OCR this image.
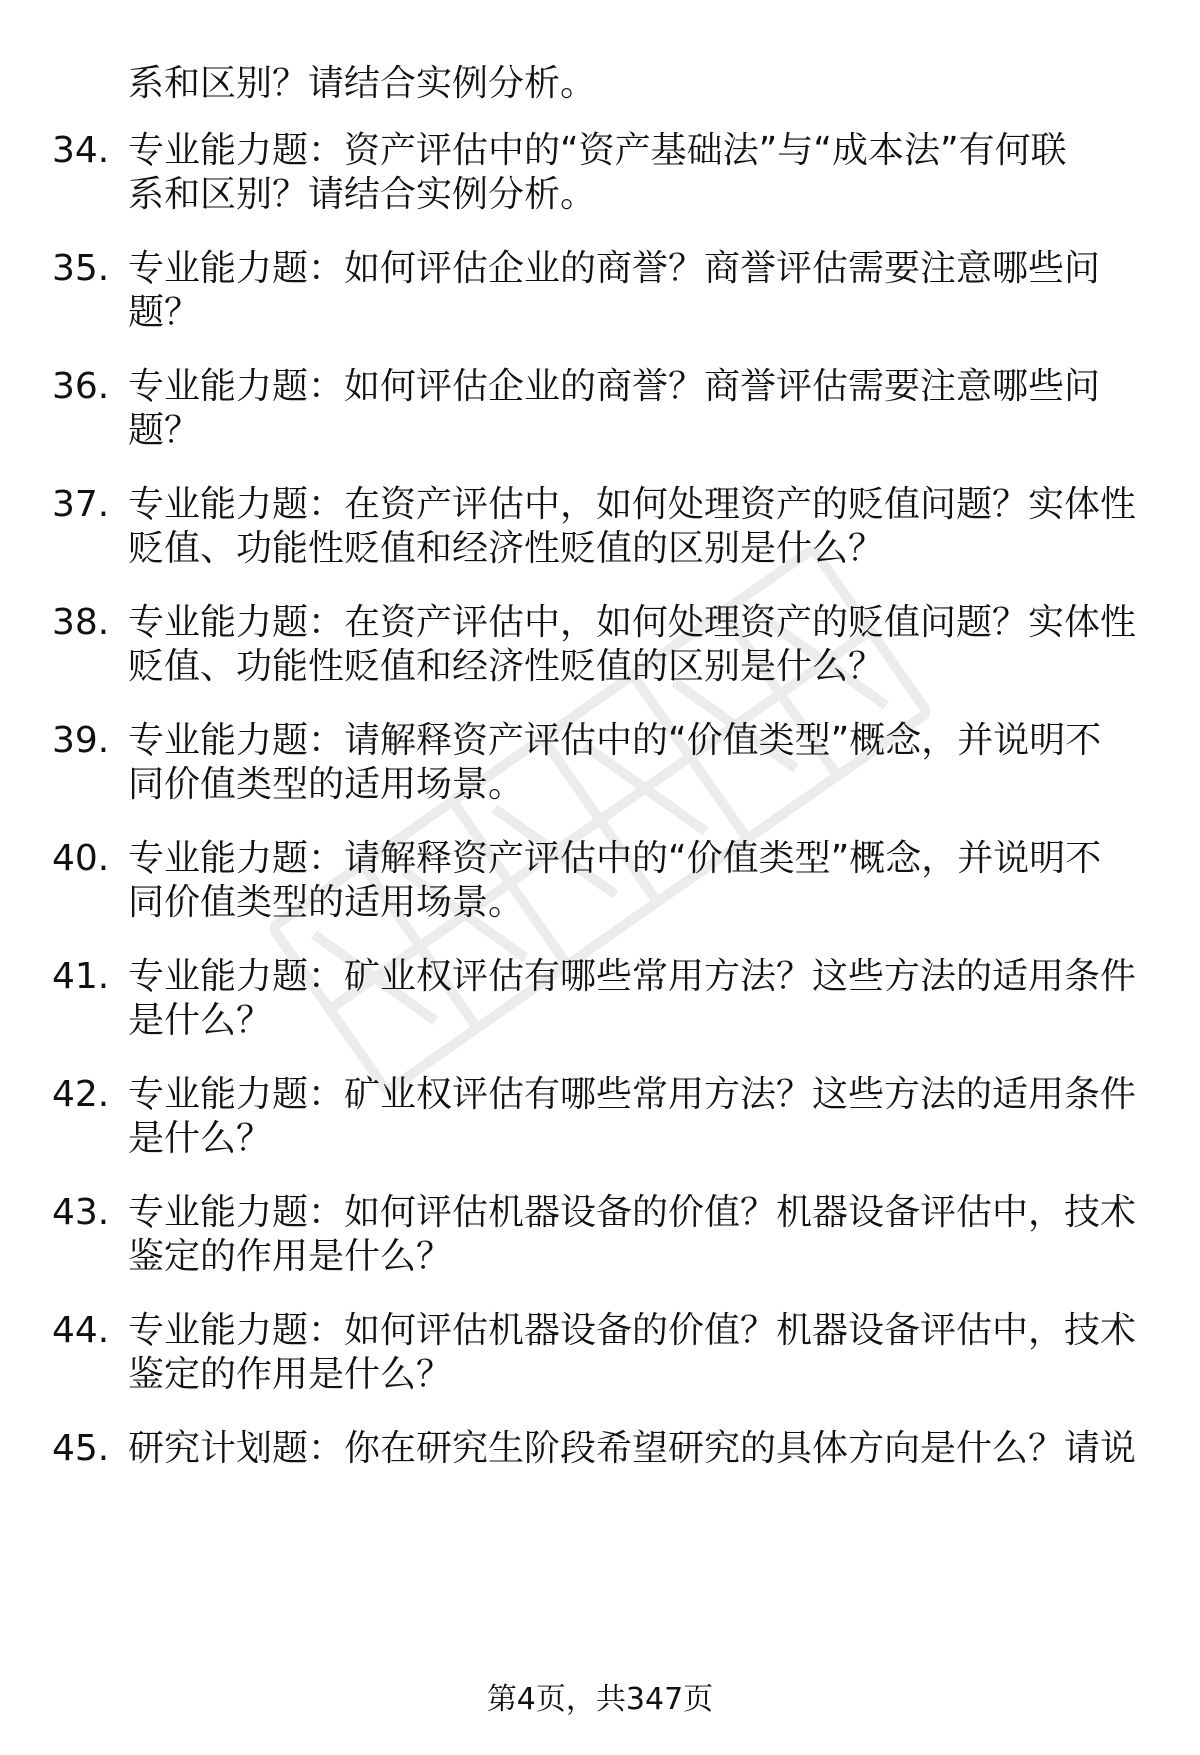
系和区别？请结合实例分析。
34. 专业能力题：资产评估中的“资产基础法”与“成本法”有何联
系和区别？请结合实例分析。
35. 专业能力题：如何评估企业的商誉？商誉评估需要注意哪些问
题？
36. 专业能力题：如何评估企业的商誉？商誉评估需要注意哪些问
题？
37. 专业能力题：在资产评估中，如何处理资产的贬值问题？实体性
贬值、功能性贬值和经济性贬值的区别是什么？
38. 专业能力题：在资产评估中，如何处理资产的贬值问题？实体性
贬值、功能性贬值和经济性贬值的区别是什么？
39. 专业能力题：请解释资产评估中的“价值类型”概念，并说明不
同价值类型的适用场景。
40. 专业能力题：请解释资产评估中的“价值类型”概念，并说明不
同价值类型的适用场景。
41. 专业能力题：矿业权评估有哪些常用方法？这些方法的适用条件
是什么？
42. 专业能力题：矿业权评估有哪些常用方法？这些方法的适用条件
是什么？
43. 专业能力题：如何评估机器设备的价值？机器设备评估中，技术
鉴定的作用是什么？
44. 专业能力题：如何评估机器设备的价值？机器设备评估中，技术
鉴定的作用是什么？
45. 研究计划题：你在研究生阶段希望研究的具体方向是什么？请说
第4页，共347页
